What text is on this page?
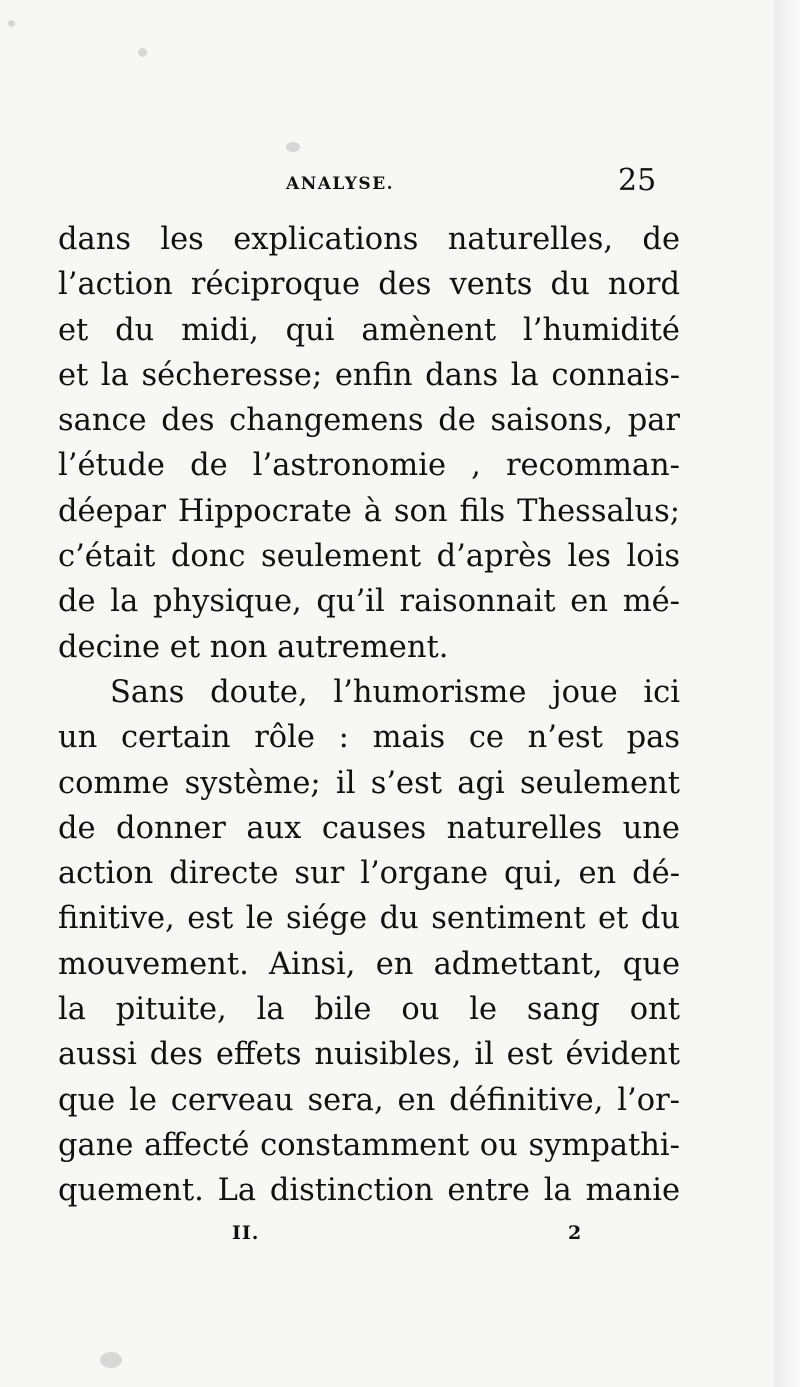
ANALYSE.	25
dans les explications naturelles, de
l’action réciproque des vents du nord
et du midi, qui amènent l’humidité
et la sécheresse; enfin dans la connais-
sance des changemens de saisons, par
l’étude de l’astronomie , recomman-
déepar Hippocrate à son fils Thessalus;
c’était donc seulement d’après les lois
de la physique, qu’il raisonnait en mé-
decine et non autrement.
Sans doute, l’humorisme joue ici
un certain rôle : mais ce n’est pas
comme système; il s’est agi seulement
de donner aux causes naturelles une
action directe sur l’organe qui, en dé-
finitive, est le siége du sentiment et du
mouvement. Ainsi, en admettant, que
la pituite, la bile ou le sang ont
aussi des effets nuisibles, il est évident
que le cerveau sera, en définitive, l’or-
gane affecté constamment ou sympathi-
quement. La distinction entre la manie
II.	2
